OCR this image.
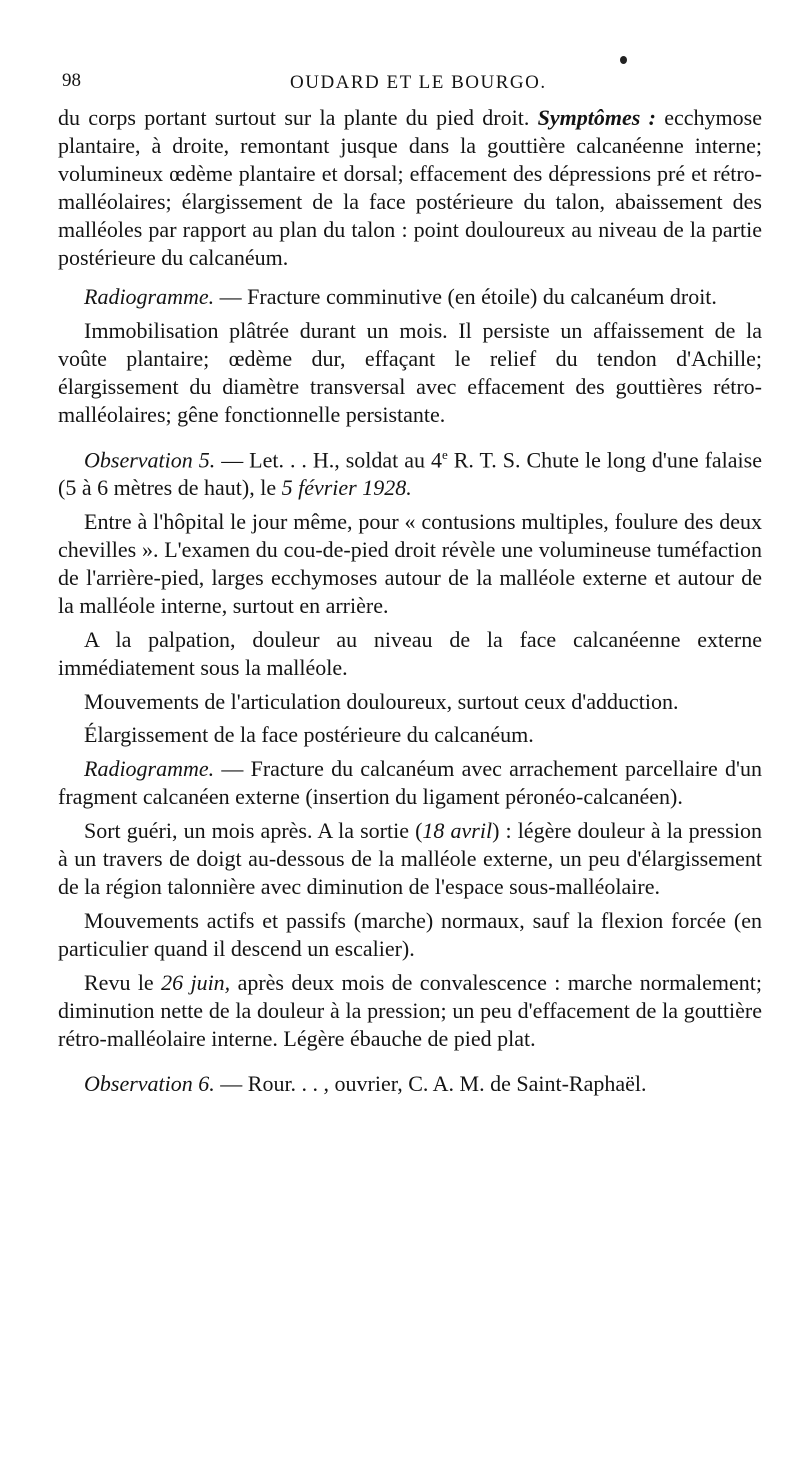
98	OUDARD ET LE BOURGO.

du corps portant surtout sur la plante du pied droit. Symptômes : ecchymose plantaire, à droite, remontant jusque dans la gouttière calcanéenne interne; volumineux œdème plantaire et dorsal; effacement des dépressions pré et rétro-malléolaires; élargissement de la face postérieure du talon, abaissement des malléoles par rapport au plan du talon : point douloureux au niveau de la partie postérieure du calcanéum.

Radiogramme. — Fracture comminutive (en étoile) du calcanéum droit.

Immobilisation plâtrée durant un mois. Il persiste un affaissement de la voûte plantaire; œdème dur, effaçant le relief du tendon d'Achille; élargissement du diamètre transversal avec effacement des gouttières rétro-malléolaires; gêne fonctionnelle persistante.

Observation 5. — Let. . . H., soldat au 4e R. T. S. Chute le long d'une falaise (5 à 6 mètres de haut), le 5 février 1928.

Entre à l'hôpital le jour même, pour « contusions multiples, foulure des deux chevilles ». L'examen du cou-de-pied droit révèle une volumineuse tuméfaction de l'arrière-pied, larges ecchymoses autour de la malléole externe et autour de la malléole interne, surtout en arrière.

A la palpation, douleur au niveau de la face calcanéenne externe immédiatement sous la malléole.

Mouvements de l'articulation douloureux, surtout ceux d'adduction.

Élargissement de la face postérieure du calcanéum.

Radiogramme. — Fracture du calcanéum avec arrachement parcellaire d'un fragment calcanéen externe (insertion du ligament péronéo-calcanéen).

Sort guéri, un mois après. A la sortie (18 avril) : légère douleur à la pression à un travers de doigt au-dessous de la malléole externe, un peu d'élargissement de la région talonnière avec diminution de l'espace sous-malléolaire.

Mouvements actifs et passifs (marche) normaux, sauf la flexion forcée (en particulier quand il descend un escalier).

Revu le 26 juin, après deux mois de convalescence : marche normalement; diminution nette de la douleur à la pression; un peu d'effacement de la gouttière rétro-malléolaire interne. Légère ébauche de pied plat.

Observation 6. — Rour. . . , ouvrier, C. A. M. de Saint-Raphaël.
